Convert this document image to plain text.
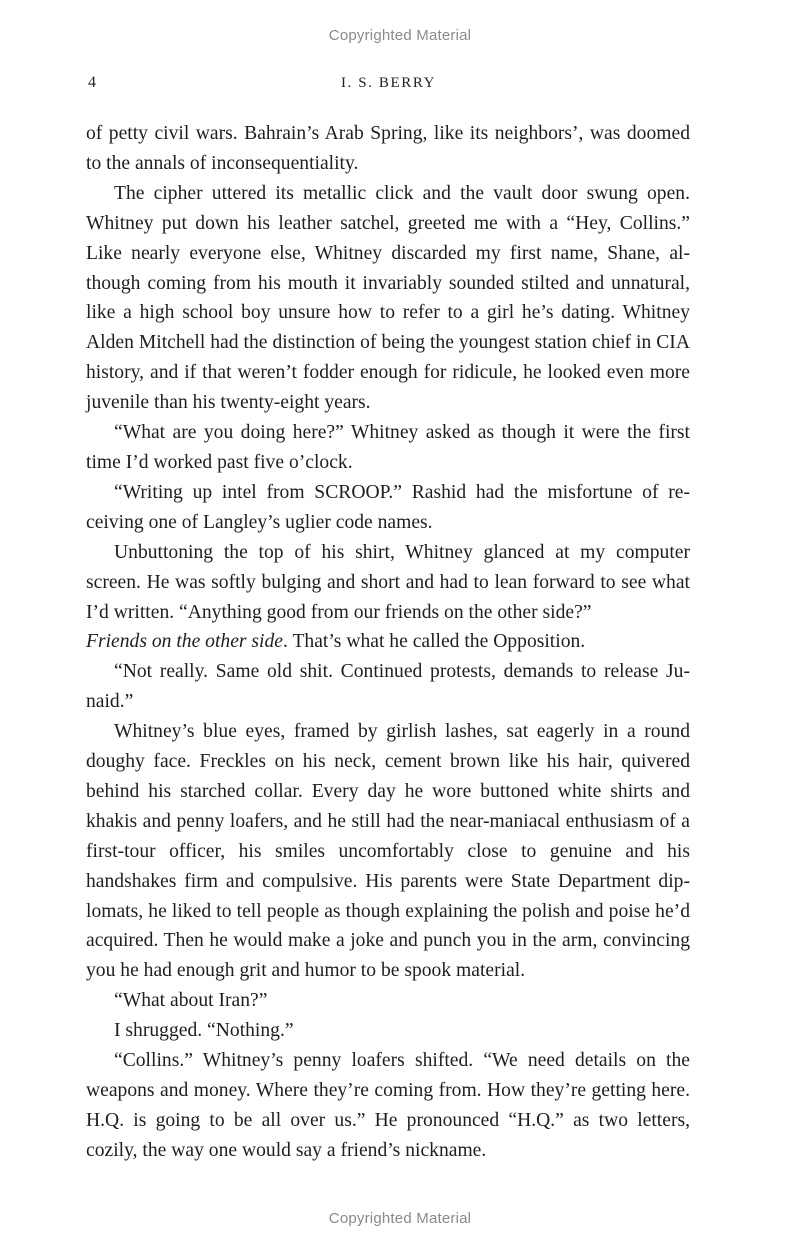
Copyrighted Material
4	I. S. BERRY

of petty civil wars. Bahrain’s Arab Spring, like its neighbors’, was doomed to the annals of inconsequentiality.

The cipher uttered its metallic click and the vault door swung open. Whitney put down his leather satchel, greeted me with a “Hey, Collins.” Like nearly everyone else, Whitney discarded my first name, Shane, although coming from his mouth it invariably sounded stilted and unnatural, like a high school boy unsure how to refer to a girl he’s dating. Whitney Alden Mitchell had the distinction of being the youngest station chief in CIA history, and if that weren’t fodder enough for ridicule, he looked even more juvenile than his twenty-eight years.

“What are you doing here?” Whitney asked as though it were the first time I’d worked past five o’clock.

“Writing up intel from SCROOP.” Rashid had the misfortune of receiving one of Langley’s uglier code names.

Unbuttoning the top of his shirt, Whitney glanced at my computer screen. He was softly bulging and short and had to lean forward to see what I’d written. “Anything good from our friends on the other side?”

Friends on the other side. That’s what he called the Opposition.

“Not really. Same old shit. Continued protests, demands to release Junaid.”

Whitney’s blue eyes, framed by girlish lashes, sat eagerly in a round doughy face. Freckles on his neck, cement brown like his hair, quivered behind his starched collar. Every day he wore buttoned white shirts and khakis and penny loafers, and he still had the near-maniacal enthusiasm of a first-tour officer, his smiles uncomfortably close to genuine and his handshakes firm and compulsive. His parents were State Department diplomats, he liked to tell people as though explaining the polish and poise he’d acquired. Then he would make a joke and punch you in the arm, convincing you he had enough grit and humor to be spook material.

“What about Iran?”

I shrugged. “Nothing.”

“Collins.” Whitney’s penny loafers shifted. “We need details on the weapons and money. Where they’re coming from. How they’re getting here. H.Q. is going to be all over us.” He pronounced “H.Q.” as two letters, cozily, the way one would say a friend’s nickname.

Copyrighted Material
